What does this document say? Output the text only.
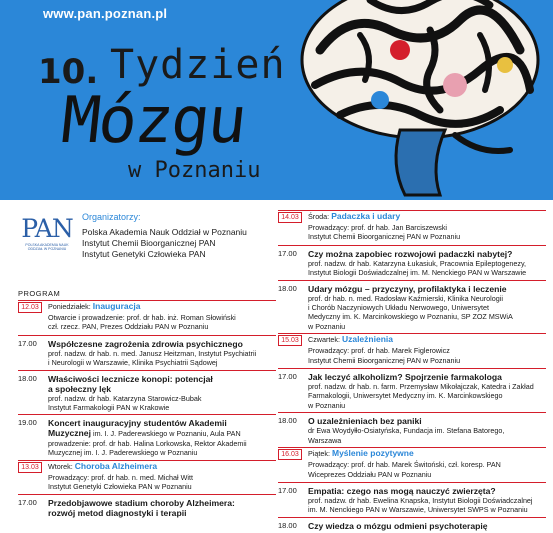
www.pan.poznan.pl
10. Tydzień
Mózgu
w Poznaniu
PAN
POLSKA AKADEMIA NAUK ODDZIAŁ W POZNANIU
Organizatorzy:
Polska Akademia Nauk Oddział w Poznaniu
Instytut Chemii Bioorganicznej PAN
Instytut Genetyki Człowieka PAN
PROGRAM
12.03 Poniedziałek: Inauguracja
Otwarcie i prowadzenie: prof. dr hab. inż. Roman Słowiński
czł. rzecz. PAN, Prezes Oddziału PAN w Poznaniu
17.00 Współczesne zagrożenia zdrowia psychicznego
prof. nadzw. dr hab. n. med. Janusz Heitzman, Instytut Psychiatrii
i Neurologii w Warszawie, Klinika Psychiatrii Sądowej
18.00 Właściwości lecznicze konopi: potencjał
a społeczny lęk
prof. nadzw. dr hab. Katarzyna Starowicz-Bubak
Instytut Farmakologii PAN w Krakowie
19.00 Koncert inauguracyjny studentów Akademii
Muzycznej im. I. J. Paderewskiego w Poznaniu, Aula PAN
prowadzenie: prof. dr hab. Halina Lorkowska, Rektor Akademii
Muzycznej im. I. J. Paderewskiego w Poznaniu
13.03 Wtorek: Choroba Alzheimera
Prowadzący: prof. dr hab. n. med. Michał Witt
Instytut Genetyki Człowieka PAN w Poznaniu
17.00 Przedobjawowe stadium choroby Alzheimera:
rozwój metod diagnostyki i terapii
14.03 Środa: Padaczka i udary
Prowadzący: prof. dr hab. Jan Barciszewski
Instytut Chemii Bioorganicznej PAN w Poznaniu
17.00 Czy można zapobiec rozwojowi padaczki nabytej?
prof. nadzw. dr hab. Katarzyna Łukasiuk, Pracownia Epileptogenezy,
Instytut Biologii Doświadczalnej im. M. Nenckiego PAN w Warszawie
18.00 Udary mózgu – przyczyny, profilaktyka i leczenie
prof. dr hab. n. med. Radosław Kaźmierski, Klinika Neurologii
i Chorób Naczyniowych Układu Nerwowego, Uniwersytet
Medyczny im. K. Marcinkowskiego w Poznaniu, SP ZOZ MSWiA
w Poznaniu
15.03 Czwartek: Uzależnienia
Prowadzący: prof. dr hab. Marek Figlerowicz
Instytut Chemii Bioorganicznej PAN w Poznaniu
17.00 Jak leczyć alkoholizm? Spojrzenie farmakologa
prof. nadzw. dr hab. n. farm. Przemysław Mikołajczak, Katedra i Zakład
Farmakologii, Uniwersytet Medyczny im. K. Marcinkowskiego
w Poznaniu
18.00 O uzależnieniach bez paniki
dr Ewa Woydyłło-Osiatyńska, Fundacja im. Stefana Batorego,
Warszawa
16.03 Piątek: Myślenie pozytywne
Prowadzący: prof. dr hab. Marek Świtoński, czł. koresp. PAN
Wiceprezes Oddziału PAN w Poznaniu
17.00 Empatia: czego nas mogą nauczyć zwierzęta?
prof. nadzw. dr hab. Ewelina Knapska, Instytut Biologii Doświadczalnej
im. M. Nenckiego PAN w Warszawie, Uniwersytet SWPS w Poznaniu
18.00 Czy wiedza o mózgu odmieni psychoterapię
